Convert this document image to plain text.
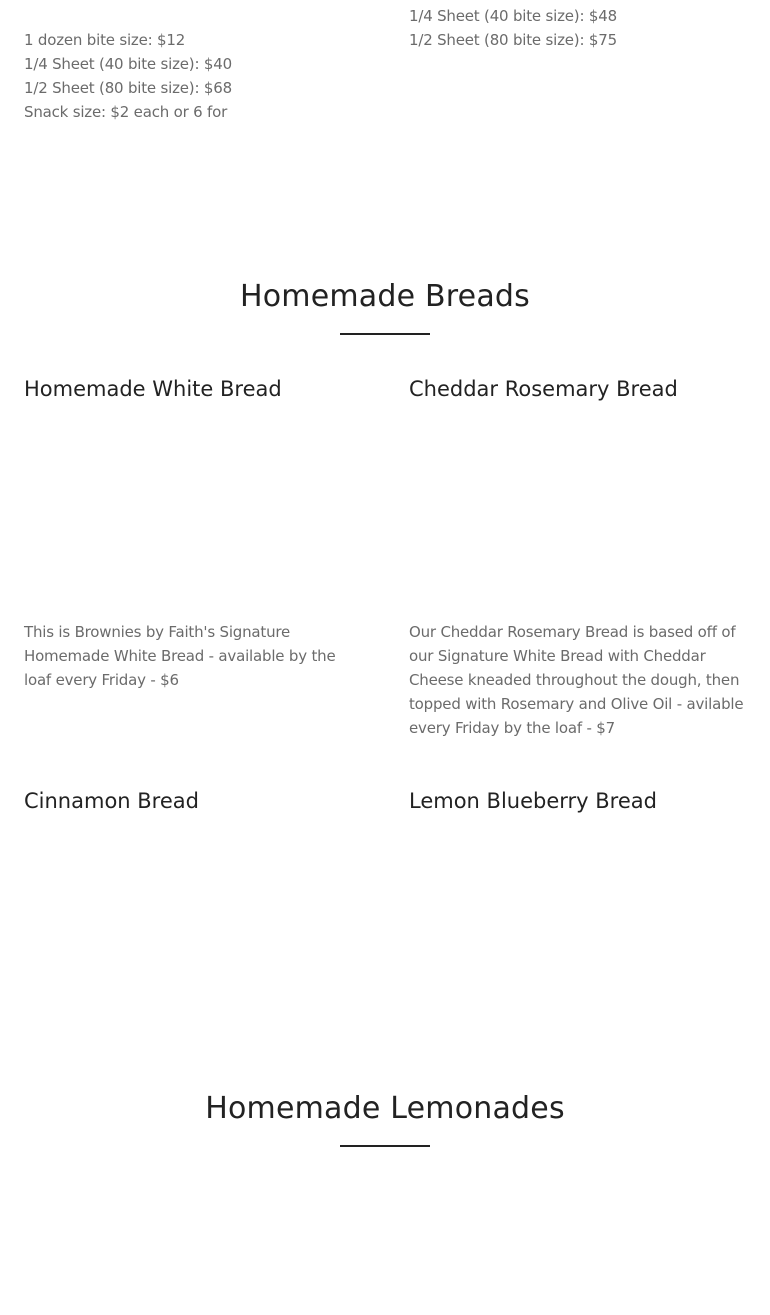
1 dozen bite size: $12
1/4 Sheet (40 bite size): $40
1/2 Sheet (80 bite size): $68
Snack size: $2 each or 6 for
1/4 Sheet (40 bite size): $48
1/2 Sheet (80 bite size): $75
Homemade Breads
Homemade White Bread

This is Brownies by Faith's Signature Homemade White Bread - available by the loaf every Friday - $6

Cheddar Rosemary Bread

Our Cheddar Rosemary Bread is based off of our Signature White Bread with Cheddar Cheese kneaded throughout the dough, then topped with Rosemary and Olive Oil - avilable every Friday by the loaf - $7

Cinnamon Bread	Lemon Blueberry Bread
Homemade Lemonades
